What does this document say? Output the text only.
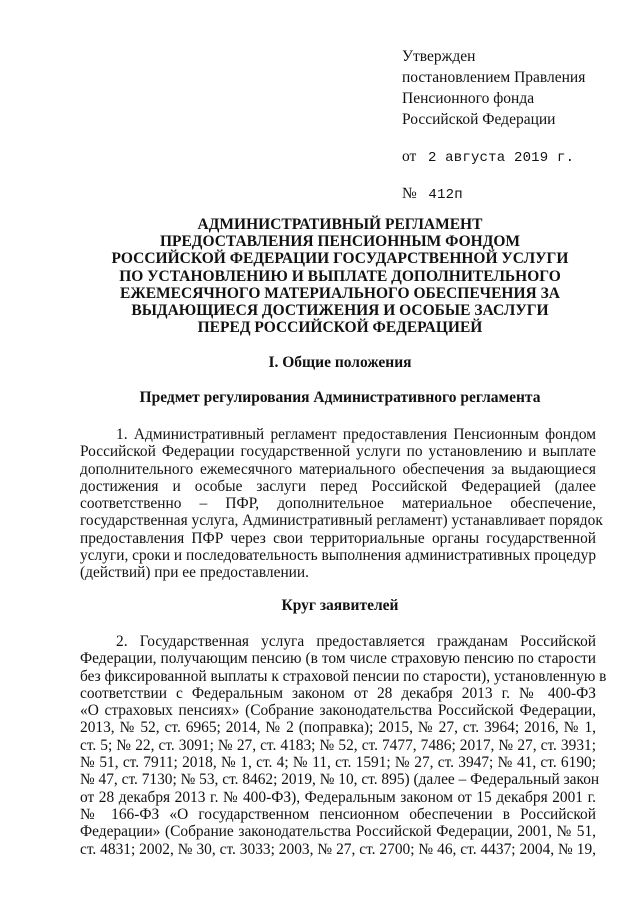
Утвержден
постановлением Правления
Пенсионного фонда
Российской Федерации
от 2 августа 2019 г.
№ 412п
АДМИНИСТРАТИВНЫЙ РЕГЛАМЕНТ
ПРЕДОСТАВЛЕНИЯ ПЕНСИОННЫМ ФОНДОМ
РОССИЙСКОЙ ФЕДЕРАЦИИ ГОСУДАРСТВЕННОЙ УСЛУГИ
ПО УСТАНОВЛЕНИЮ И ВЫПЛАТЕ ДОПОЛНИТЕЛЬНОГО
ЕЖЕМЕСЯЧНОГО МАТЕРИАЛЬНОГО ОБЕСПЕЧЕНИЯ ЗА
ВЫДАЮЩИЕСЯ ДОСТИЖЕНИЯ И ОСОБЫЕ ЗАСЛУГИ
ПЕРЕД РОССИЙСКОЙ ФЕДЕРАЦИЕЙ
I. Общие положения
Предмет регулирования Административного регламента
1. Административный регламент предоставления Пенсионным фондом
Российской Федерации государственной услуги по установлению и выплате
дополнительного ежемесячного материального обеспечения за выдающиеся
достижения и особые заслуги перед Российской Федерацией (далее
соответственно – ПФР, дополнительное материальное обеспечение,
государственная услуга, Административный регламент) устанавливает порядок
предоставления ПФР через свои территориальные органы государственной
услуги, сроки и последовательность выполнения административных процедур
(действий) при ее предоставлении.
Круг заявителей
2. Государственная услуга предоставляется гражданам Российской
Федерации, получающим пенсию (в том числе страховую пенсию по старости
без фиксированной выплаты к страховой пенсии по старости), установленную в
соответствии с Федеральным законом от 28 декабря 2013 г. № 400-ФЗ
«О страховых пенсиях» (Собрание законодательства Российской Федерации,
2013, № 52, ст. 6965; 2014, № 2 (поправка); 2015, № 27, ст. 3964; 2016, № 1,
ст. 5; № 22, ст. 3091; № 27, ст. 4183; № 52, ст. 7477, 7486; 2017, № 27, ст. 3931;
№ 51, ст. 7911; 2018, № 1, ст. 4; № 11, ст. 1591; № 27, ст. 3947; № 41, ст. 6190;
№ 47, ст. 7130; № 53, ст. 8462; 2019, № 10, ст. 895) (далее – Федеральный закон
от 28 декабря 2013 г. № 400-ФЗ), Федеральным законом от 15 декабря 2001 г.
№ 166-ФЗ «О государственном пенсионном обеспечении в Российской
Федерации» (Собрание законодательства Российской Федерации, 2001, № 51,
ст. 4831; 2002, № 30, ст. 3033; 2003, № 27, ст. 2700; № 46, ст. 4437; 2004, № 19,
